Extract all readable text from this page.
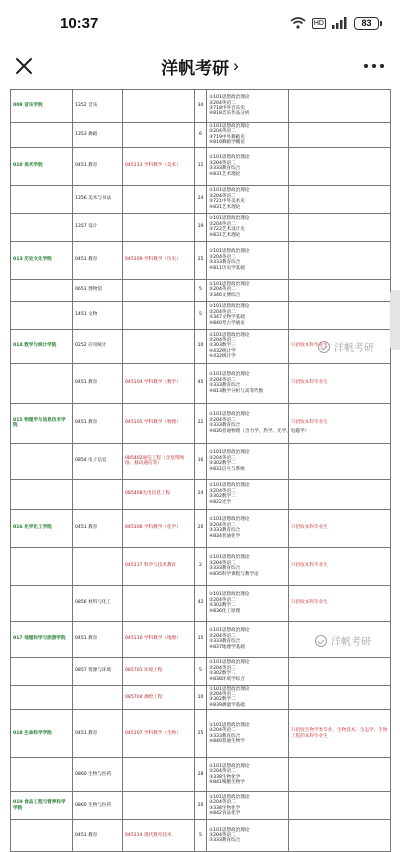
10:37	HD	83
洋帆考研 ›
009 音乐学院	1352 音乐		34	①101思想政治理论
②204英语二
③718中外音乐史
④818音乐作品分析	

	1353 舞蹈		6	①101思想政治理论
②204英语二
③719中外舞蹈史
④819舞蹈学概论	

010 美术学院	0451 教育	045113 学科教学（美术）	12	①101思想政治理论
②204英语二
③333教育综合
④831艺术理论	

	1356 美术与书法		24	①101思想政治理论
②204英语二
③721中外美术史
④831艺术理论	

	1357 设计		19	①101思想政治理论
②204英语二
③722艺术设计史
④831艺术理论	

013 历史文化学院	0451 教育	045109 学科教学（历史）	25	①101思想政治理论
②204英语二
③333教育综合
④811历史学基础	

	0651 博物馆		5	①101思想政治理论
②204英语二
③346文博综合	

	1451 文物		5	①101思想政治理论
②204英语二
③347文物学基础
④840考古学通论	

014 数学与统计学院	0252 应用统计		10	①101思想政治理论
②204英语二
③303数学三
④432统计学
④432统计学	只招收本科毕业生
	0451 教育	045104 学科教学（数学）	45	①101思想政治理论
②204英语二
③333教育综合
④813数学分析与高等代数	只招收本科毕业生
015 物理学与信息技术学院	0451 教育	045105 学科教学（物理）	22	①101思想政治理论
②204英语二
③333教育综合
④830普通物理（含力学、热学、光学、电磁学）	只招收本科毕业生
	0854 电子信息	085402通信工程（含宽带网络、移动通信等）	16	①101思想政治理论
②204英语二
③302数学二
④831信号与系统	

		085408光电信息工程	24	①101思想政治理论
②204英语二
③302数学二
④822光学	

016 化学化工学院	0451 教育	045106 学科教学（化学）	20	①101思想政治理论
②204英语二
③333教育综合
④834普通化学	只招收本科毕业生
		045117 科学与技术教育	2	①101思想政治理论
②204英语二
③333教育综合
④835科学课程与教学论	只招收本科毕业生
	0856 材料与化工		42	①101思想政治理论
②204英语二
③302数学二
④836化工原理	只招收本科毕业生
017 地理科学与旅游学院	0451 教育	045110 学科教学（地理）	15	①101思想政治理论
②204英语二
③333教育综合
④837地理学基础	

	0857 资源与环境	085701 环境工程	5	①101思想政治理论
②204英语二
③302数学二
④838环境学综合	

		085704 测绘工程	10	①101思想政治理论
②204英语二
③302数学二
④839测量学基础	

018 生命科学学院	0451 教育	045107 学科教学（生物）	25	①101思想政治理论
②204英语二
③333教育综合
④840普通生物学	只招收生物学类专业、生物技术、生态学、生物工程的本科毕业生
	0860 生物与医药		28	①101思想政治理论
②204英语二
③338生物化学
④841细胞生物学	

019 食品工程与营养科学学院	0860 生物与医药		20	①101思想政治理论
②204英语二
③338生物化学
④842食品化学	

	0451 教育	045114 现代教育技术	5	①101思想政治理论
②204英语二
③333教育综合	

洋帆考研
洋帆考研
